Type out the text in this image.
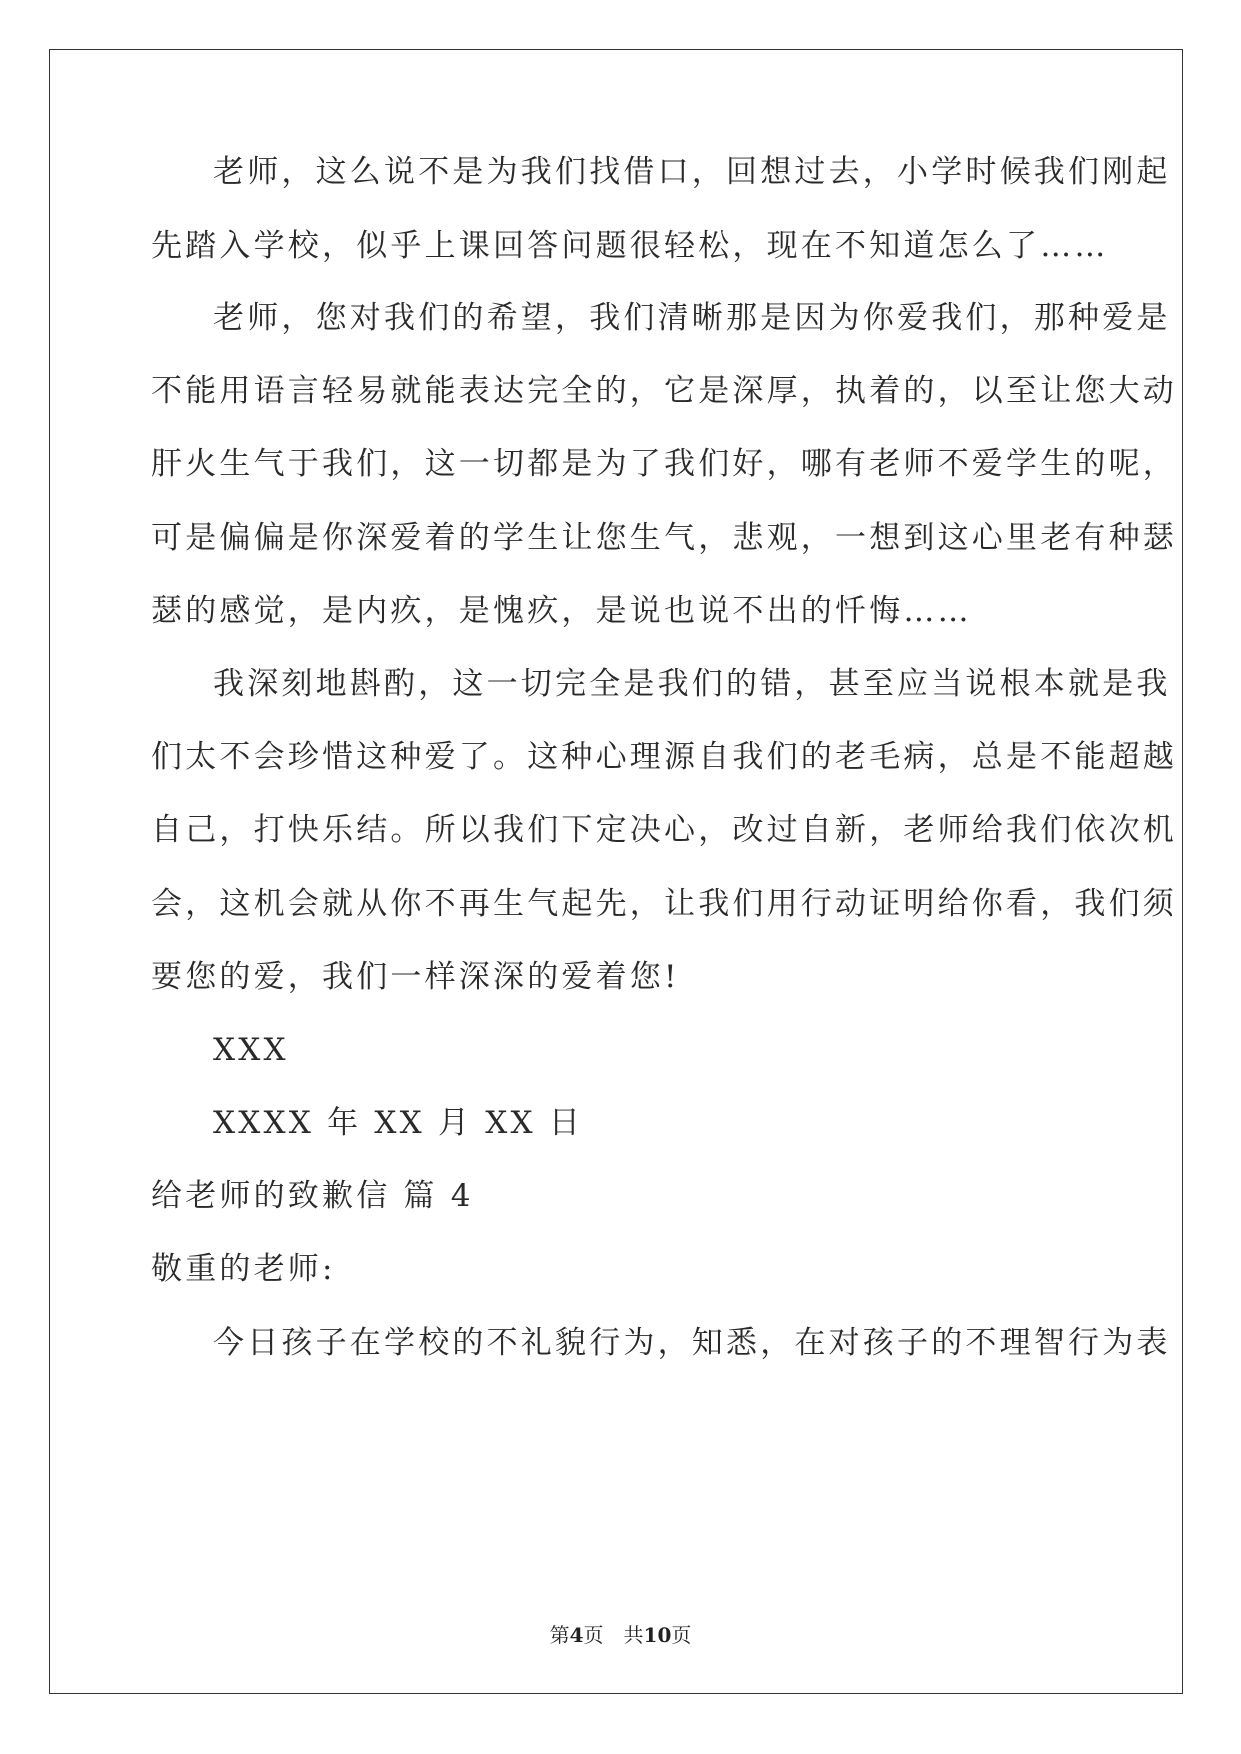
老师，这么说不是为我们找借口，回想过去，小学时候我们刚起
先踏入学校，似乎上课回答问题很轻松，现在不知道怎么了……
老师，您对我们的希望，我们清晰那是因为你爱我们，那种爱是
不能用语言轻易就能表达完全的，它是深厚，执着的，以至让您大动
肝火生气于我们，这一切都是为了我们好，哪有老师不爱学生的呢，
可是偏偏是你深爱着的学生让您生气，悲观，一想到这心里老有种瑟
瑟的感觉，是内疚，是愧疚，是说也说不出的忏悔……
我深刻地斟酌，这一切完全是我们的错，甚至应当说根本就是我
们太不会珍惜这种爱了。这种心理源自我们的老毛病，总是不能超越
自己，打快乐结。所以我们下定决心，改过自新，老师给我们依次机
会，这机会就从你不再生气起先，让我们用行动证明给你看，我们须
要您的爱，我们一样深深的爱着您!
XXX
XXXX 年 XX 月 XX 日
给老师的致歉信 篇 4
敬重的老师:
今日孩子在学校的不礼貌行为，知悉，在对孩子的不理智行为表
第4页　共10页
